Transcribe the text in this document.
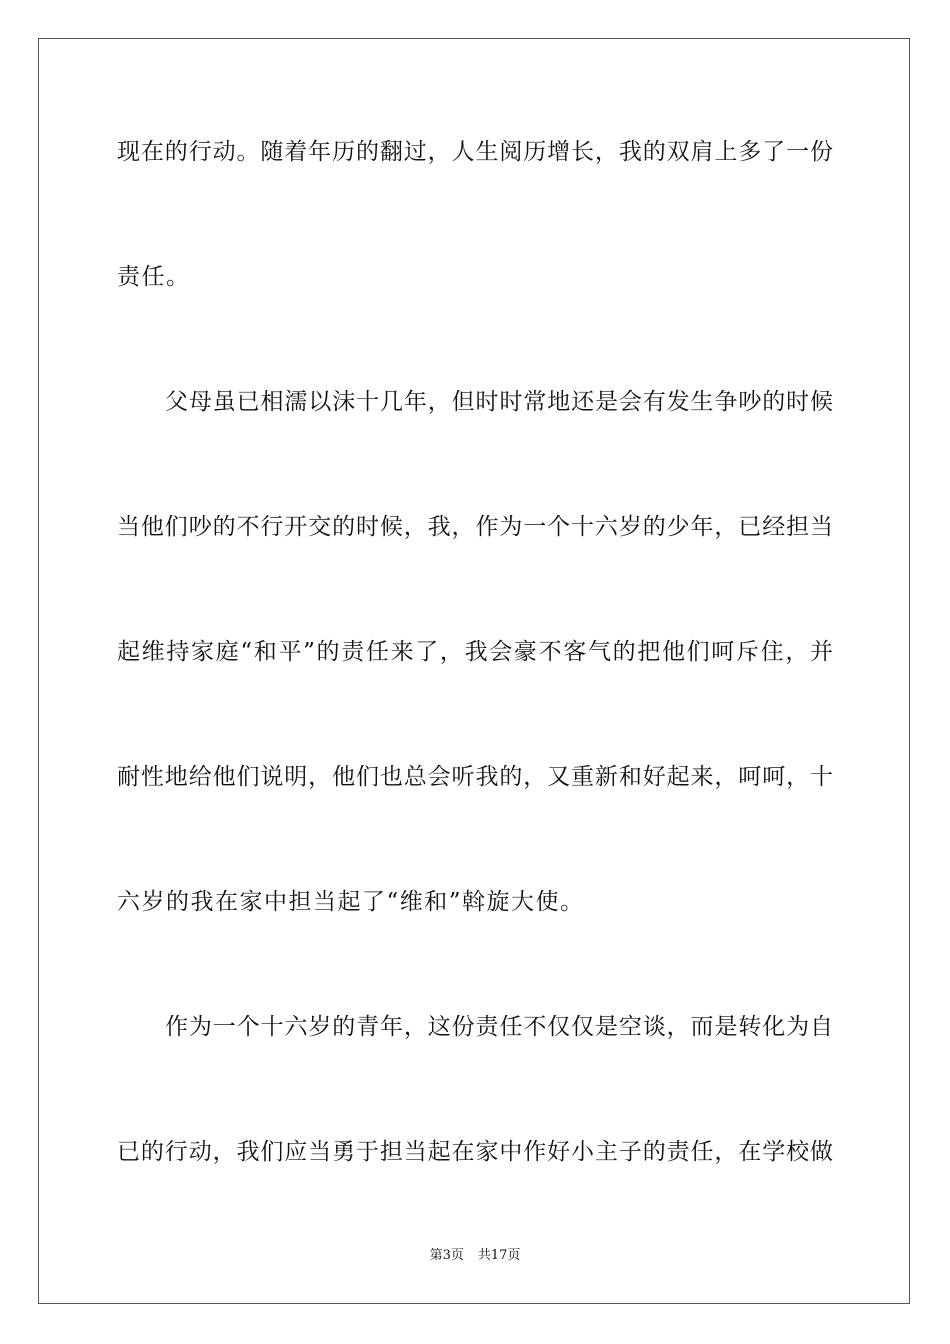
现在的行动。随着年历的翻过，人生阅历增长，我的双肩上多了一份
责任。
父母虽已相濡以沫十几年，但时时常地还是会有发生争吵的时候
当他们吵的不行开交的时候，我，作为一个十六岁的少年，已经担当
起维持家庭“和平”的责任来了，我会豪不客气的把他们呵斥住，并
耐性地给他们说明，他们也总会听我的，又重新和好起来，呵呵，十
六岁的我在家中担当起了“维和”斡旋大使。
作为一个十六岁的青年，这份责任不仅仅是空谈，而是转化为自
已的行动，我们应当勇于担当起在家中作好小主子的责任，在学校做
第3页 共17页
